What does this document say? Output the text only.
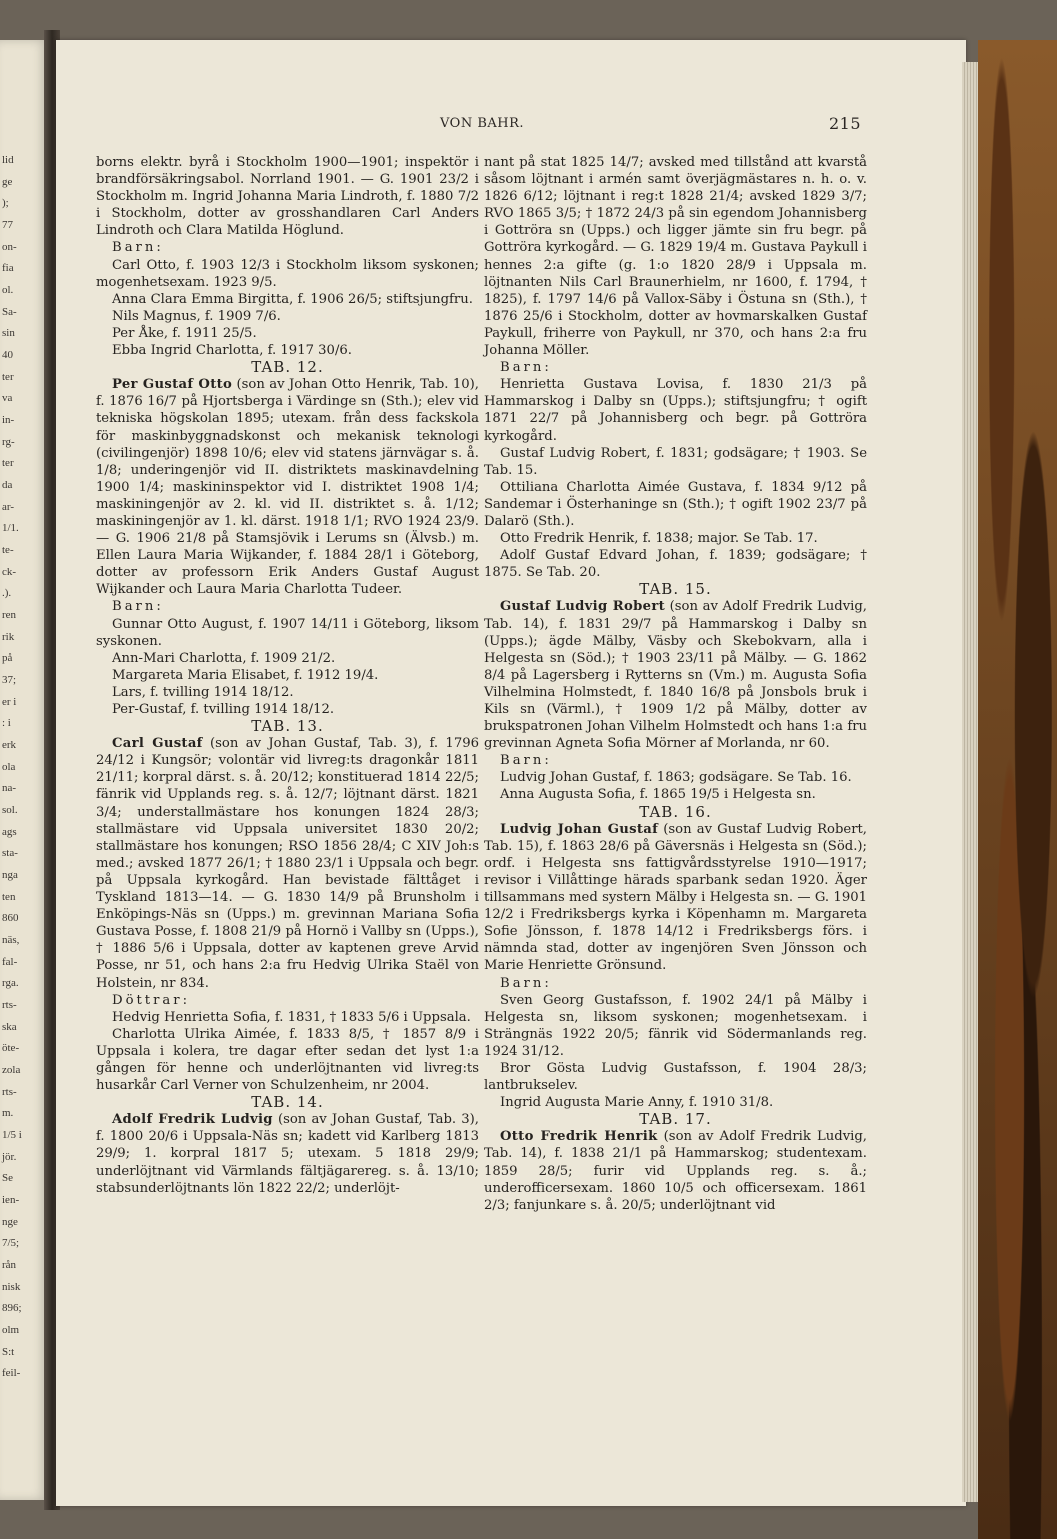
lid
ge
);
77
on-
fia
ol.
Sa-
sin
40
ter
va
in-
rg-
ter
da
ar-
1/1.
te-
ck-
.).
ren
rik
på
37;
er i
: i
erk
ola
na-
sol.
ags
sta-
nga
ten
860
näs,
fal-
rga.
rts-
ska
öte-
zola
rts-
m.
1/5 i
jör.
Se
ien-
nge
7/5;
rån
nisk
896;
olm
S:t
feil-
VON BAHR.	215

borns elektr. byrå i Stockholm 1900—1901; inspektör i brandförsäkringsabol. Norrland 1901. — G. 1901 23/2 i Stockholm m. Ingrid Johanna Maria Lindroth, f. 1880 7/2 i Stockholm, dotter av grosshandlaren Carl Anders Lindroth och Clara Matilda Höglund.

Barn:

Carl Otto, f. 1903 12/3 i Stockholm liksom syskonen; mogenhetsexam. 1923 9/5.

Anna Clara Emma Birgitta, f. 1906 26/5; stiftsjungfru.

Nils Magnus, f. 1909 7/6.

Per Åke, f. 1911 25/5.

Ebba Ingrid Charlotta, f. 1917 30/6.

TAB. 12.

Per Gustaf Otto (son av Johan Otto Henrik, Tab. 10), f. 1876 16/7 på Hjortsberga i Värdinge sn (Sth.); elev vid tekniska högskolan 1895; utexam. från dess fackskola för maskinbyggnadskonst och mekanisk teknologi (civilingenjör) 1898 10/6; elev vid statens järnvägar s. å. 1/8; underingenjör vid II. distriktets maskinavdelning 1900 1/4; maskininspektor vid I. distriktet 1908 1/4; maskiningenjör av 2. kl. vid II. distriktet s. å. 1/12; maskiningenjör av 1. kl. därst. 1918 1/1; RVO 1924 23/9. — G. 1906 21/8 på Stamsjövik i Lerums sn (Älvsb.) m. Ellen Laura Maria Wijkander, f. 1884 28/1 i Göteborg, dotter av professorn Erik Anders Gustaf August Wijkander och Laura Maria Charlotta Tudeer.

Barn:

Gunnar Otto August, f. 1907 14/11 i Göteborg, liksom syskonen.

Ann-Mari Charlotta, f. 1909 21/2.

Margareta Maria Elisabet, f. 1912 19/4.

Lars, f. tvilling 1914 18/12.

Per-Gustaf, f. tvilling 1914 18/12.

TAB. 13.

Carl Gustaf (son av Johan Gustaf, Tab. 3), f. 1796 24/12 i Kungsör; volontär vid livreg:ts dragonkår 1811 21/11; korpral därst. s. å. 20/12; konstituerad 1814 22/5; fänrik vid Upplands reg. s. å. 12/7; löjtnant därst. 1821 3/4; understallmästare hos konungen 1824 28/3; stallmästare vid Uppsala universitet 1830 20/2; stallmästare hos konungen; RSO 1856 28/4; C XIV Joh:s med.; avsked 1877 26/1; † 1880 23/1 i Uppsala och begr. på Uppsala kyrkogård. Han bevistade fälttåget i Tyskland 1813—14. — G. 1830 14/9 på Brunsholm i Enköpings-Näs sn (Upps.) m. grevinnan Mariana Sofia Gustava Posse, f. 1808 21/9 på Hornö i Vallby sn (Upps.), † 1886 5/6 i Uppsala, dotter av kaptenen greve Arvid Posse, nr 51, och hans 2:a fru Hedvig Ulrika Staël von Holstein, nr 834.

Döttrar:

Hedvig Henrietta Sofia, f. 1831, † 1833 5/6 i Uppsala.

Charlotta Ulrika Aimée, f. 1833 8/5, † 1857 8/9 i Uppsala i kolera, tre dagar efter sedan det lyst 1:a gången för henne och underlöjtnanten vid livreg:ts husarkår Carl Verner von Schulzenheim, nr 2004.

TAB. 14.

Adolf Fredrik Ludvig (son av Johan Gustaf, Tab. 3), f. 1800 20/6 i Uppsala-Näs sn; kadett vid Karlberg 1813 29/9; 1. korpral 1817 5; utexam. 5 1818 29/9; underlöjtnant vid Värmlands fältjägarereg. s. å. 13/10; stabsunderlöjtnants lön 1822 22/2; underlöjt-

nant på stat 1825 14/7; avsked med tillstånd att kvarstå såsom löjtnant i armén samt överjägmästares n. h. o. v. 1826 6/12; löjtnant i reg:t 1828 21/4; avsked 1829 3/7; RVO 1865 3/5; † 1872 24/3 på sin egendom Johannisberg i Gottröra sn (Upps.) och ligger jämte sin fru begr. på Gottröra kyrkogård. — G. 1829 19/4 m. Gustava Paykull i hennes 2:a gifte (g. 1:o 1820 28/9 i Uppsala m. löjtnanten Nils Carl Braunerhielm, nr 1600, f. 1794, † 1825), f. 1797 14/6 på Vallox-Säby i Östuna sn (Sth.), † 1876 25/6 i Stockholm, dotter av hovmarskalken Gustaf Paykull, friherre von Paykull, nr 370, och hans 2:a fru Johanna Möller.

Barn:

Henrietta Gustava Lovisa, f. 1830 21/3 på Hammarskog i Dalby sn (Upps.); stiftsjungfru; † ogift 1871 22/7 på Johannisberg och begr. på Gottröra kyrkogård.

Gustaf Ludvig Robert, f. 1831; godsägare; † 1903. Se Tab. 15.

Ottiliana Charlotta Aimée Gustava, f. 1834 9/12 på Sandemar i Österhaninge sn (Sth.); † ogift 1902 23/7 på Dalarö (Sth.).

Otto Fredrik Henrik, f. 1838; major. Se Tab. 17.

Adolf Gustaf Edvard Johan, f. 1839; godsägare; † 1875. Se Tab. 20.

TAB. 15.

Gustaf Ludvig Robert (son av Adolf Fredrik Ludvig, Tab. 14), f. 1831 29/7 på Hammarskog i Dalby sn (Upps.); ägde Mälby, Väsby och Skebokvarn, alla i Helgesta sn (Söd.); † 1903 23/11 på Mälby. — G. 1862 8/4 på Lagersberg i Rytterns sn (Vm.) m. Augusta Sofia Vilhelmina Holmstedt, f. 1840 16/8 på Jonsbols bruk i Kils sn (Värml.), † 1909 1/2 på Mälby, dotter av brukspatronen Johan Vilhelm Holmstedt och hans 1:a fru grevinnan Agneta Sofia Mörner af Morlanda, nr 60.

Barn:

Ludvig Johan Gustaf, f. 1863; godsägare. Se Tab. 16.

Anna Augusta Sofia, f. 1865 19/5 i Helgesta sn.

TAB. 16.

Ludvig Johan Gustaf (son av Gustaf Ludvig Robert, Tab. 15), f. 1863 28/6 på Gäversnäs i Helgesta sn (Söd.); ordf. i Helgesta sns fattigvårdsstyrelse 1910—1917; revisor i Villåttinge härads sparbank sedan 1920. Äger tillsammans med systern Mälby i Helgesta sn. — G. 1901 12/2 i Fredriksbergs kyrka i Köpenhamn m. Margareta Sofie Jönsson, f. 1878 14/12 i Fredriksbergs förs. i nämnda stad, dotter av ingenjören Sven Jönsson och Marie Henriette Grönsund.

Barn:

Sven Georg Gustafsson, f. 1902 24/1 på Mälby i Helgesta sn, liksom syskonen; mogenhetsexam. i Strängnäs 1922 20/5; fänrik vid Södermanlands reg. 1924 31/12.

Bror Gösta Ludvig Gustafsson, f. 1904 28/3; lantbrukselev.

Ingrid Augusta Marie Anny, f. 1910 31/8.

TAB. 17.

Otto Fredrik Henrik (son av Adolf Fredrik Ludvig, Tab. 14), f. 1838 21/1 på Hammarskog; studentexam. 1859 28/5; furir vid Upplands reg. s. å.; underofficersexam. 1860 10/5 och officersexam. 1861 2/3; fanjunkare s. å. 20/5; underlöjtnant vid
